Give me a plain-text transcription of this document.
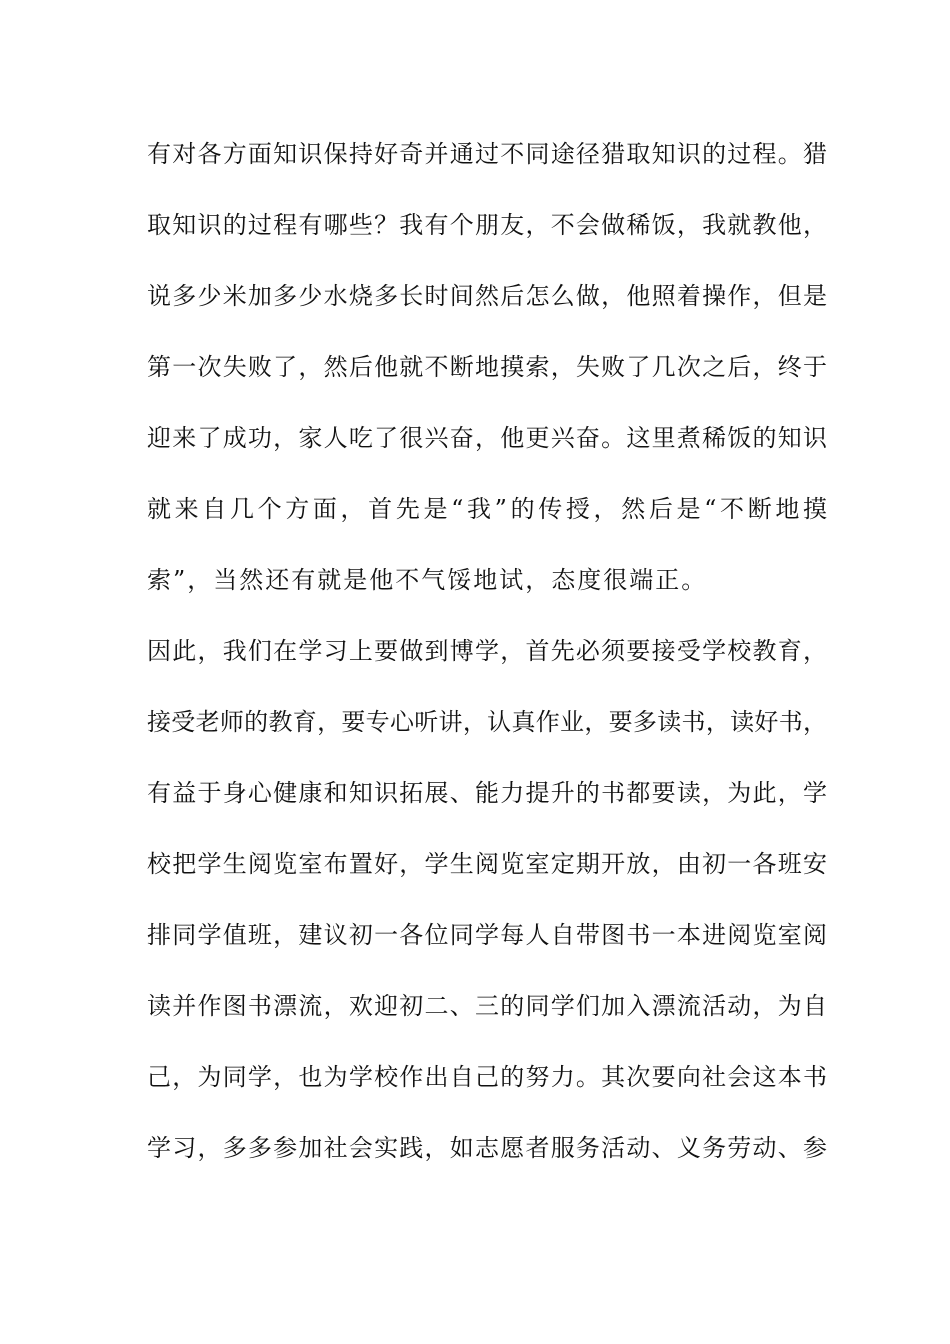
有对各方面知识保持好奇并通过不同途径猎取知识的过程。猎
取知识的过程有哪些？我有个朋友，不会做稀饭，我就教他，
说多少米加多少水烧多长时间然后怎么做，他照着操作，但是
第一次失败了，然后他就不断地摸索，失败了几次之后，终于
迎来了成功，家人吃了很兴奋，他更兴奋。这里煮稀饭的知识
就来自几个方面，首先是“我”的传授，然后是“不断地摸
索”，当然还有就是他不气馁地试，态度很端正。
因此，我们在学习上要做到博学，首先必须要接受学校教育，
接受老师的教育，要专心听讲，认真作业，要多读书，读好书，
有益于身心健康和知识拓展、能力提升的书都要读，为此，学
校把学生阅览室布置好，学生阅览室定期开放，由初一各班安
排同学值班，建议初一各位同学每人自带图书一本进阅览室阅
读并作图书漂流，欢迎初二、三的同学们加入漂流活动，为自
己，为同学，也为学校作出自己的努力。其次要向社会这本书
学习，多多参加社会实践，如志愿者服务活动、义务劳动、参
